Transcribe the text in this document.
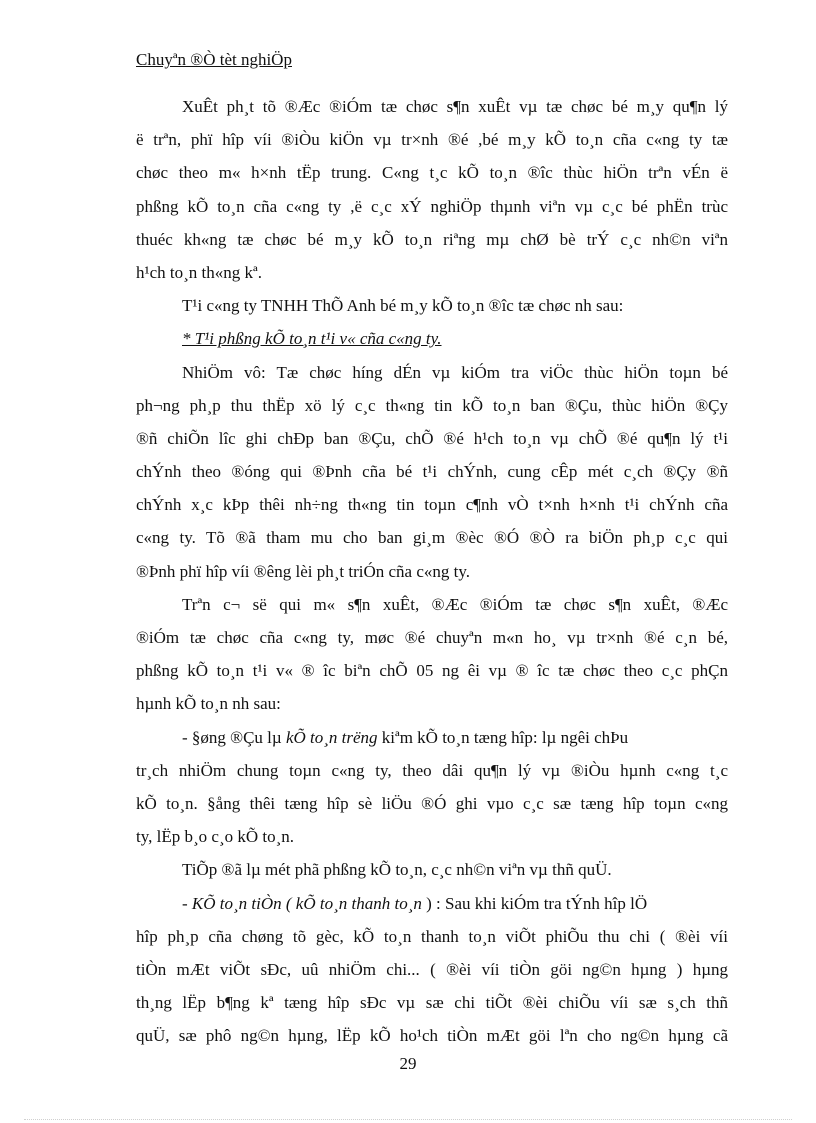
Chuyªn ®Ò tèt nghiÖp
XuÊt ph¸t tõ ®Æc ®iÓm tæ chøc s¶n xuÊt vµ tæ chøc bé m¸y qu¶n lý
ë trªn, phï hîp víi ®iÒu kiÖn vµ tr×nh ®é ,bé m¸y kÕ to¸n cña c«ng ty tæ
chøc theo m« h×nh tËp trung. C«ng t¸c kÕ to¸n ®îc thùc hiÖn trªn vÉn ë
phßng kÕ to¸n cña c«ng ty ,ë c¸c xÝ nghiÖp thµnh viªn vµ c¸c bé phËn trùc
thuéc kh«ng tæ chøc bé m¸y kÕ to¸n riªng mµ chØ bè trÝ c¸c nh©n viªn
h¹ch to¸n th«ng kª.
T¹i c«ng ty TNHH ThÕ Anh bé m¸y kÕ to¸n ®îc tæ chøc nh sau:
* T¹i phßng kÕ to¸n t¹i v« cña c«ng ty.
NhiÖm vô: Tæ chøc híng dÉn vµ kiÓm tra viÖc thùc hiÖn toµn bé
ph¬ng ph¸p thu thËp xö lý c¸c th«ng tin kÕ to¸n ban ®Çu, thùc hiÖn ®Çy
®ñ chiÕn lîc ghi chÐp ban ®Çu, chÕ ®é h¹ch to¸n vµ chÕ ®é qu¶n lý t¹i
chÝnh theo ®óng qui ®Þnh cña bé t¹i chÝnh, cung cÊp mét c¸ch ®Çy ®ñ
chÝnh x¸c kÞp thêi nh÷ng th«ng tin toµn c¶nh vÒ t×nh h×nh t¹i chÝnh cña
c«ng ty. Tõ ®ã tham mu cho ban gi¸m ®èc ®Ó ®Ò ra biÖn ph¸p c¸c qui
®Þnh phï hîp víi ®êng lèi ph¸t triÓn cña c«ng ty.
Trªn c¬ së qui m« s¶n xuÊt, ®Æc ®iÓm tæ chøc s¶n xuÊt, ®Æc
®iÓm tæ chøc cña c«ng ty, møc ®é chuyªn m«n ho¸ vµ tr×nh ®é c¸n bé,
phßng kÕ to¸n t¹i v« ® îc biªn chÕ 05 ng êi vµ ® îc tæ chøc theo c¸c phÇn
hµnh kÕ to¸n nh sau:
- §øng ®Çu lµ kÕ to¸n trëng kiªm kÕ to¸n tæng hîp: lµ ngêi chÞu
tr¸ch nhiÖm chung toµn c«ng ty, theo dâi qu¶n lý vµ ®iÒu hµnh c«ng t¸c
kÕ to¸n. §ång thêi tæng hîp sè liÖu ®Ó ghi vµo c¸c sæ tæng hîp toµn c«ng
ty, lËp b¸o c¸o kÕ to¸n.
TiÕp ®ã lµ mét phã phßng kÕ to¸n, c¸c nh©n viªn vµ thñ quÜ.
- KÕ to¸n tiÒn ( kÕ to¸n thanh to¸n ) : Sau khi kiÓm tra tÝnh hîp lÖ
hîp ph¸p cña chøng tõ gèc, kÕ to¸n thanh to¸n viÕt phiÕu thu chi ( ®èi víi
tiÒn mÆt viÕt sÐc, uû nhiÖm chi... ( ®èi víi tiÒn göi ng©n hµng ) hµng
th¸ng lËp b¶ng kª tæng hîp sÐc vµ sæ chi tiÕt ®èi chiÕu víi sæ s¸ch thñ
quÜ, sæ phô ng©n hµng, lËp kÕ ho¹ch tiÒn mÆt göi lªn cho ng©n hµng cã
29
